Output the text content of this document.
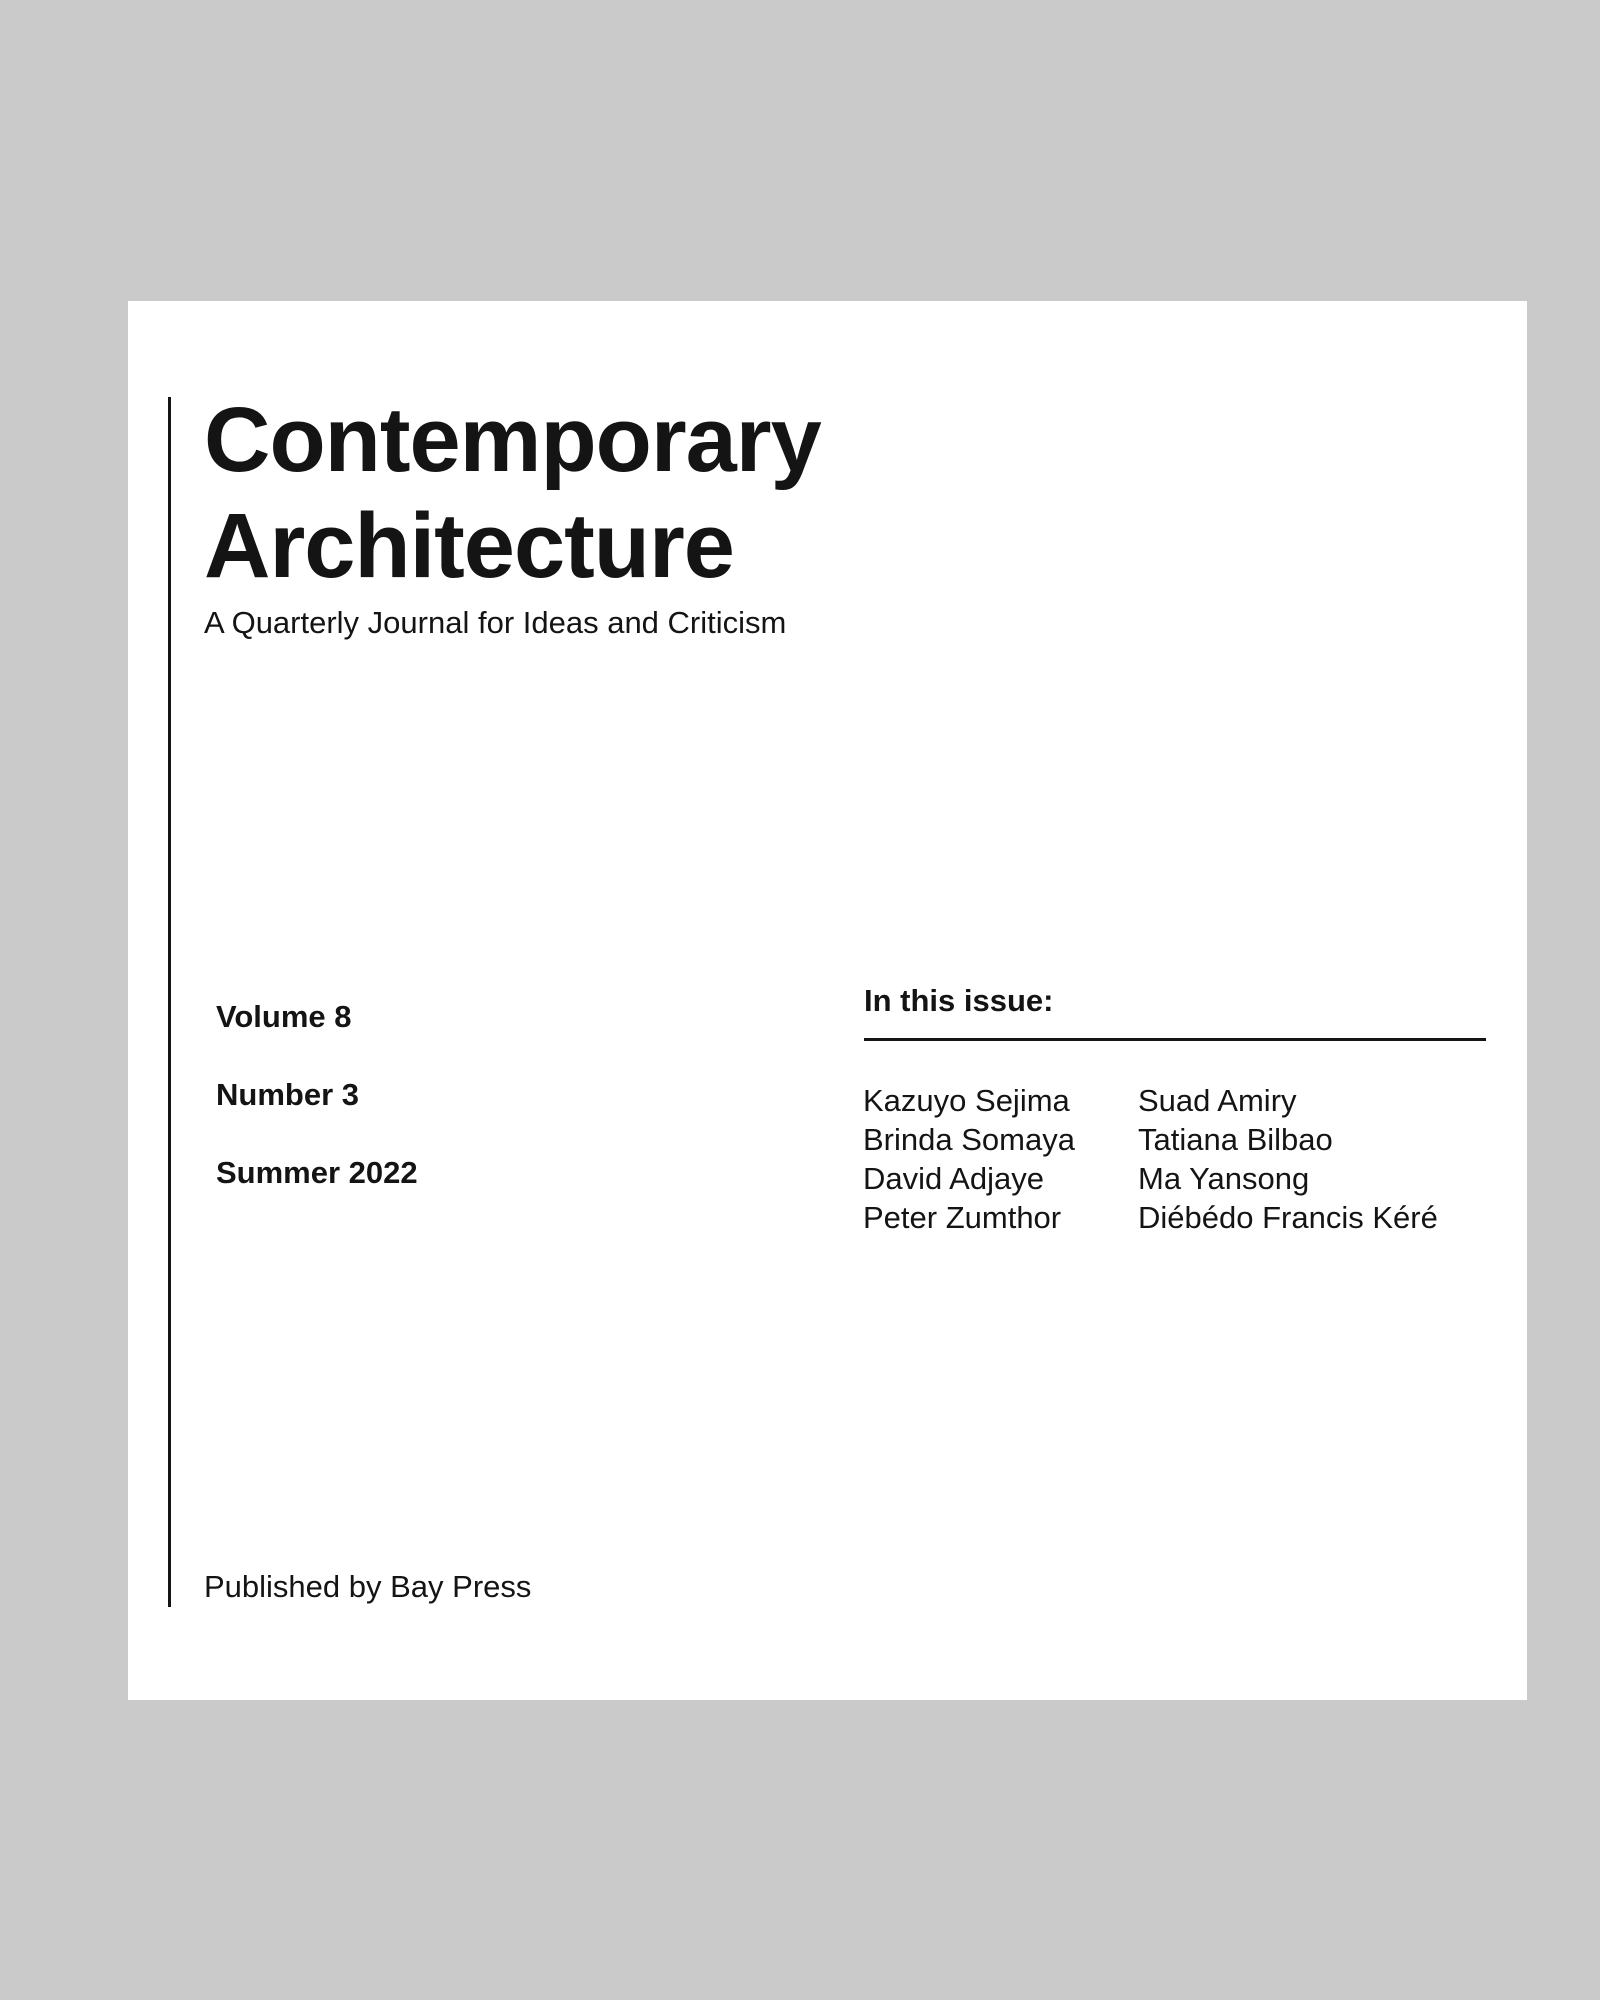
Contemporary
Architecture

A Quarterly Journal for Ideas and Criticism

Volume 8
Number 3
Summer 2022
In this issue:
Kazuyo Sejima
Brinda Somaya
David Adjaye
Peter Zumthor
Suad Amiry
Tatiana Bilbao
Ma Yansong
Diébédo Francis Kéré

Published by Bay Press
